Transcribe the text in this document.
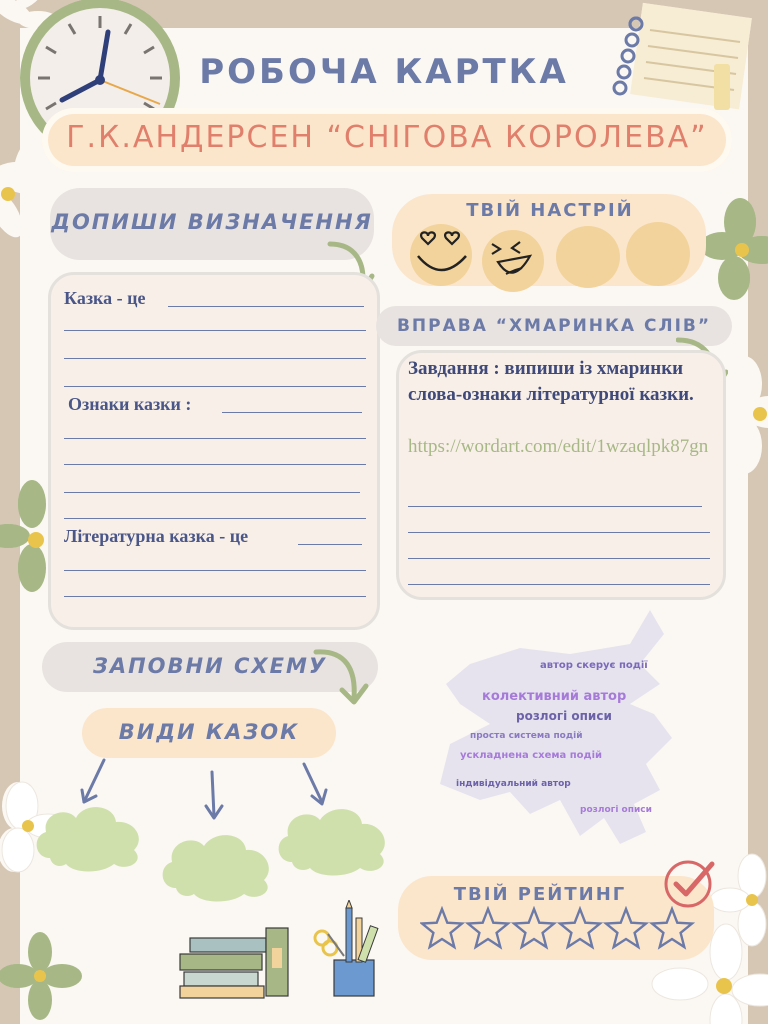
РОБОЧА КАРТКА
Г.К.АНДЕРСЕН “СНІГОВА КОРОЛЕВА”
ДОПИШИ ВИЗНАЧЕННЯ
Казка - це
Ознаки казки :
Літературна казка - це
ТВІЙ НАСТРІЙ
ВПРАВА “ХМАРИНКА СЛІВ”
Завдання : випиши із хмаринки слова-ознаки літературної казки.
https://wordart.com/edit/1wzaqlpk87gn
колективний автор
розлогі описи
автор скерує події
ускладнена схема подій
індивідуальний автор
проста система подій
розлогі описи
ЗАПОВНИ СХЕМУ
ВИДИ КАЗОК
ТВІЙ РЕЙТИНГ
